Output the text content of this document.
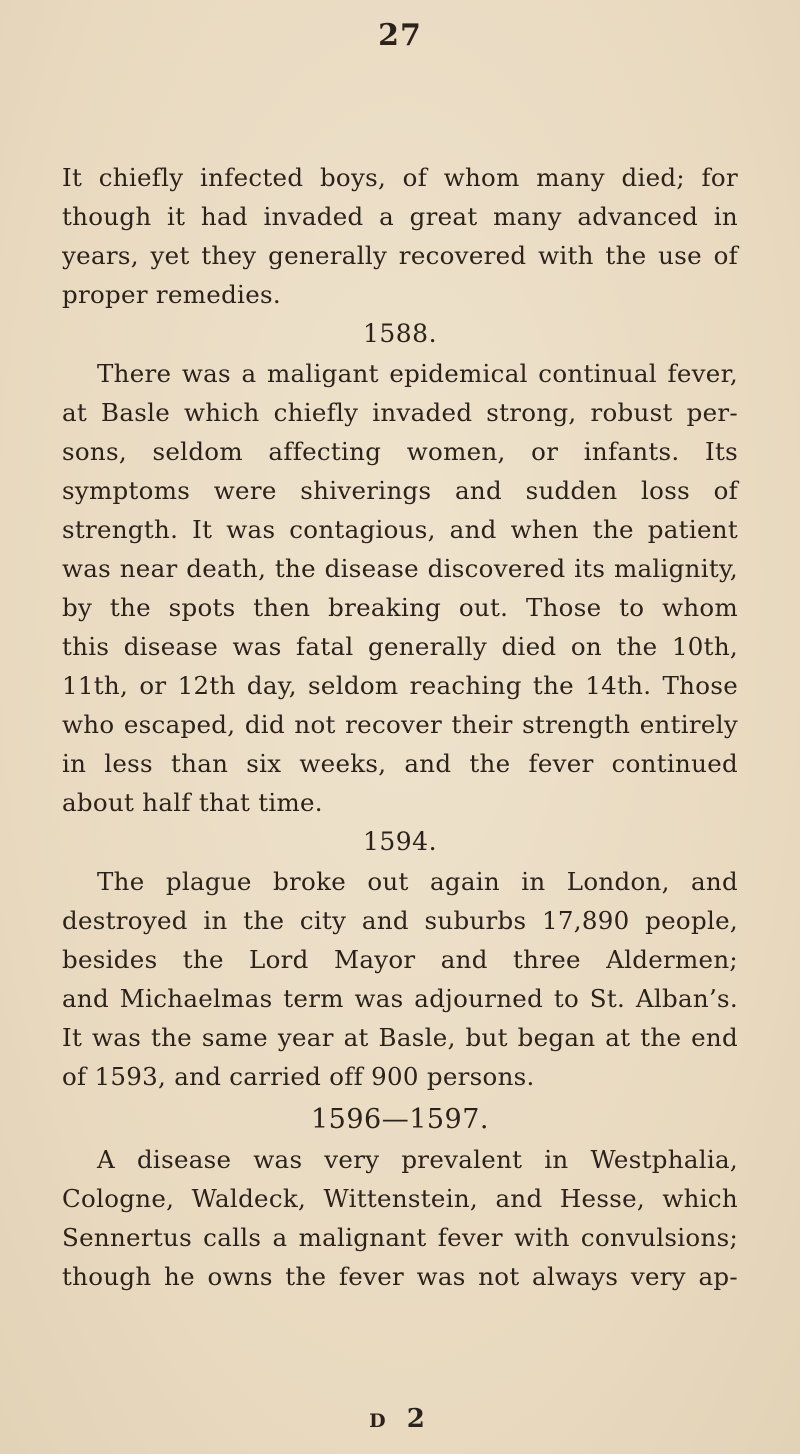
27
It chiefly infected boys, of whom many died; for
though it had invaded a great many advanced in
years, yet they generally recovered with the use of
proper remedies.
1588.
There was a maligant epidemical continual fever,
at Basle which chiefly invaded strong, robust per-
sons, seldom affecting women, or infants. Its
symptoms were shiverings and sudden loss of
strength. It was contagious, and when the patient
was near death, the disease discovered its malignity,
by the spots then breaking out. Those to whom
this disease was fatal generally died on the 10th,
11th, or 12th day, seldom reaching the 14th. Those
who escaped, did not recover their strength entirely
in less than six weeks, and the fever continued
about half that time.
1594.
The plague broke out again in London, and
destroyed in the city and suburbs 17,890 people,
besides the Lord Mayor and three Aldermen;
and Michaelmas term was adjourned to St. Alban’s.
It was the same year at Basle, but began at the end
of 1593, and carried off 900 persons.
1596—1597.
A disease was very prevalent in Westphalia,
Cologne, Waldeck, Wittenstein, and Hesse, which
Sennertus calls a malignant fever with convulsions;
though he owns the fever was not always very ap-
D 2
